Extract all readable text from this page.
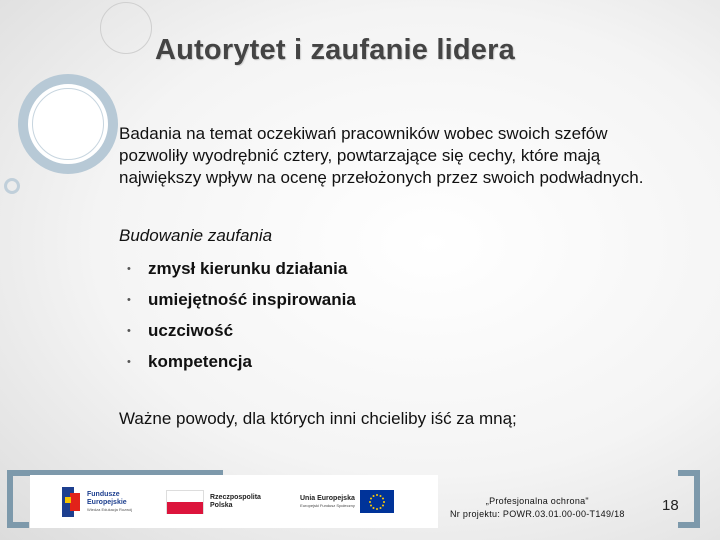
Autorytet i zaufanie lidera

Badania na temat oczekiwań pracowników wobec swoich szefów pozwoliły wyodrębnić cztery, powtarzające się cechy, które mają największy wpływ na ocenę przełożonych przez swoich podwładnych.

Budowanie zaufania

•	zmysł kierunku działania
•	umiejętność inspirowania
•	uczciwość
•	kompetencja

Ważne powody, dla których inni chcieliby iść za mną;

Fundusze
Europejskie
Wiedza Edukacja Rozwój
Rzeczpospolita
Polska
Unia Europejska
Europejski Fundusz Społeczny	„Profesjonalna ochrona"
Nr projektu: POWR.03.01.00-00-T149/18 18
